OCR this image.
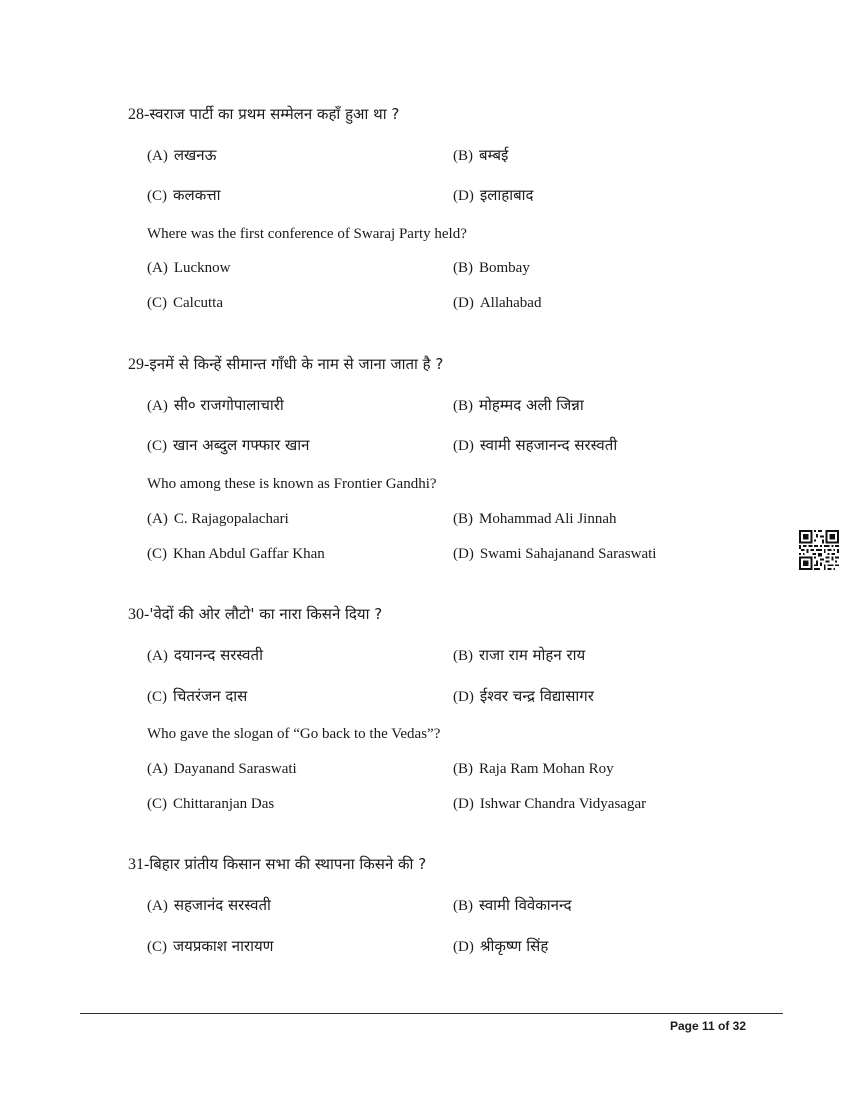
28-स्वराज पार्टी का प्रथम सम्मेलन कहाँ हुआ था ?
(A) लखनऊ	(B) बम्बई
(C) कलकत्ता	(D) इलाहाबाद
Where was the first conference of Swaraj Party held?
(A) Lucknow	(B) Bombay
(C) Calcutta	(D) Allahabad
29-इनमें से किन्हें सीमान्त गाँधी के नाम से जाना जाता है ?
(A) सी० राजगोपालाचारी	(B) मोहम्मद अली जिन्ना
(C) खान अब्दुल गफ्फार खान	(D) स्वामी सहजानन्द सरस्वती
Who among these is known as Frontier Gandhi?
(A) C. Rajagopalachari	(B) Mohammad Ali Jinnah
(C) Khan Abdul Gaffar Khan	(D) Swami Sahajanand Saraswati
30-'वेदों की ओर लौटो' का नारा किसने दिया ?
(A) दयानन्द सरस्वती	(B) राजा राम मोहन राय
(C) चितरंजन दास	(D) ईश्वर चन्द्र विद्यासागर
Who gave the slogan of “Go back to the Vedas”?
(A) Dayanand Saraswati	(B) Raja Ram Mohan Roy
(C) Chittaranjan Das	(D) Ishwar Chandra Vidyasagar
31-बिहार प्रांतीय किसान सभा की स्थापना किसने की ?
(A) सहजानंद सरस्वती	(B) स्वामी विवेकानन्द
(C) जयप्रकाश नारायण	(D) श्रीकृष्ण सिंह
Page 11 of 32
